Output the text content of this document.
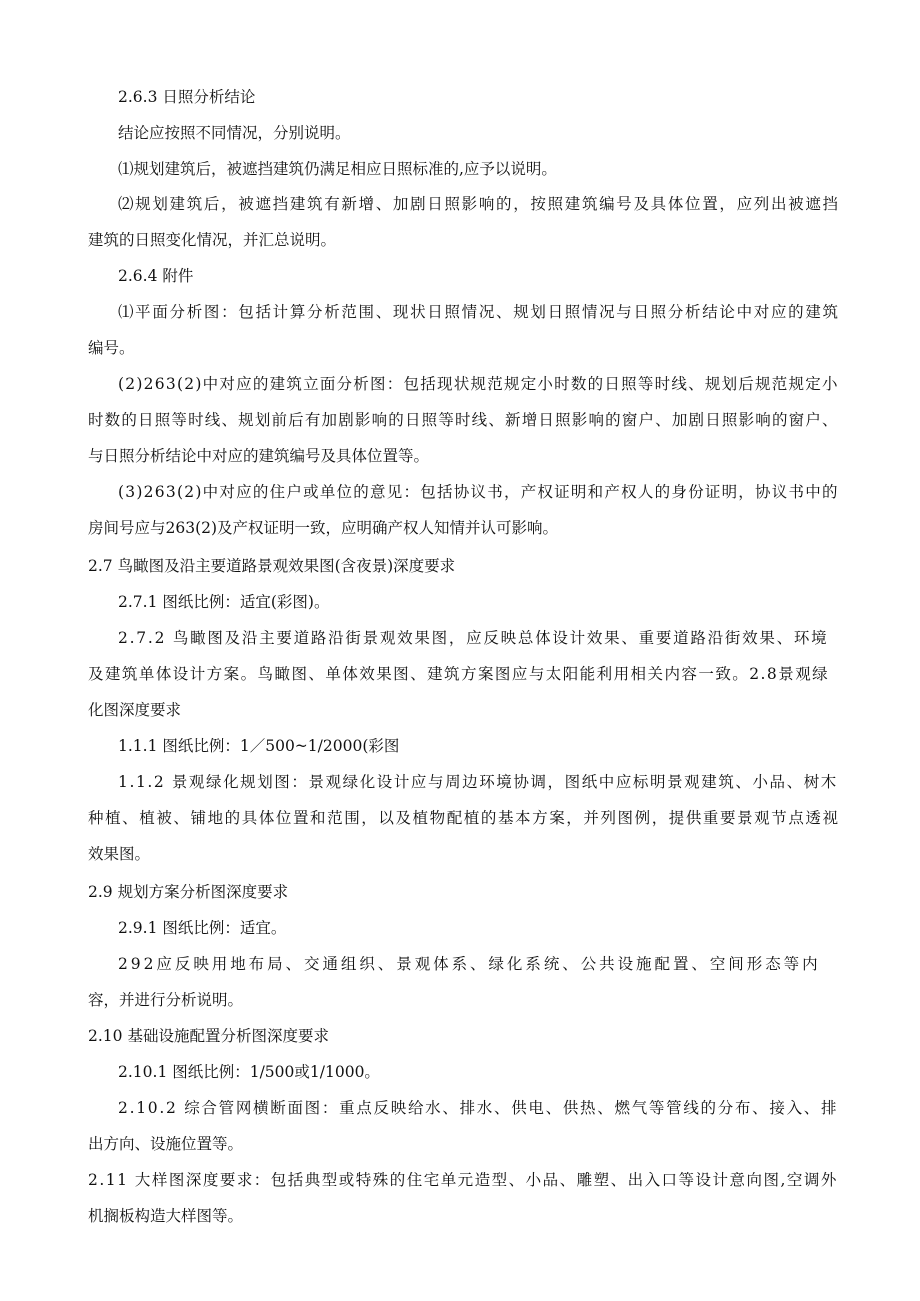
2.6.3 日照分析结论
结论应按照不同情况，分别说明。
⑴规划建筑后，被遮挡建筑仍满足相应日照标准的,应予以说明。
⑵规划建筑后，被遮挡建筑有新增、加剧日照影响的，按照建筑编号及具体位置，应列出被遮挡
建筑的日照变化情况，并汇总说明。
2.6.4 附件
⑴平面分析图：包括计算分析范围、现状日照情况、规划日照情况与日照分析结论中对应的建筑
编号。
(2)263(2)中对应的建筑立面分析图：包括现状规范规定小时数的日照等时线、规划后规范规定小
时数的日照等时线、规划前后有加剧影响的日照等时线、新增日照影响的窗户、加剧日照影响的窗户、
与日照分析结论中对应的建筑编号及具体位置等。
(3)263(2)中对应的住户或单位的意见：包括协议书，产权证明和产权人的身份证明，协议书中的
房间号应与263(2)及产权证明一致，应明确产权人知情并认可影响。
2.7 鸟瞰图及沿主要道路景观效果图(含夜景)深度要求
2.7.1 图纸比例：适宜(彩图)。
2.7.2 鸟瞰图及沿主要道路沿街景观效果图，应反映总体设计效果、重要道路沿街效果、环境
及建筑单体设计方案。鸟瞰图、单体效果图、建筑方案图应与太阳能利用相关内容一致。2.8景观绿
化图深度要求
1.1.1 图纸比例：1／500~1/2000(彩图
1.1.2 景观绿化规划图：景观绿化设计应与周边环境协调，图纸中应标明景观建筑、小品、树木
种植、植被、铺地的具体位置和范围，以及植物配植的基本方案，并列图例，提供重要景观节点透视
效果图。
2.9 规划方案分析图深度要求
2.9.1 图纸比例：适宜。
292应反映用地布局、交通组织、景观体系、绿化系统、公共设施配置、空间形态等内
容，并进行分析说明。
2.10 基础设施配置分析图深度要求
2.10.1 图纸比例：1/500或1/1000。
2.10.2 综合管网横断面图：重点反映给水、排水、供电、供热、燃气等管线的分布、接入、排
出方向、设施位置等。
2.11 大样图深度要求：包括典型或特殊的住宅单元造型、小品、雕塑、出入口等设计意向图,空调外
机搁板构造大样图等。
